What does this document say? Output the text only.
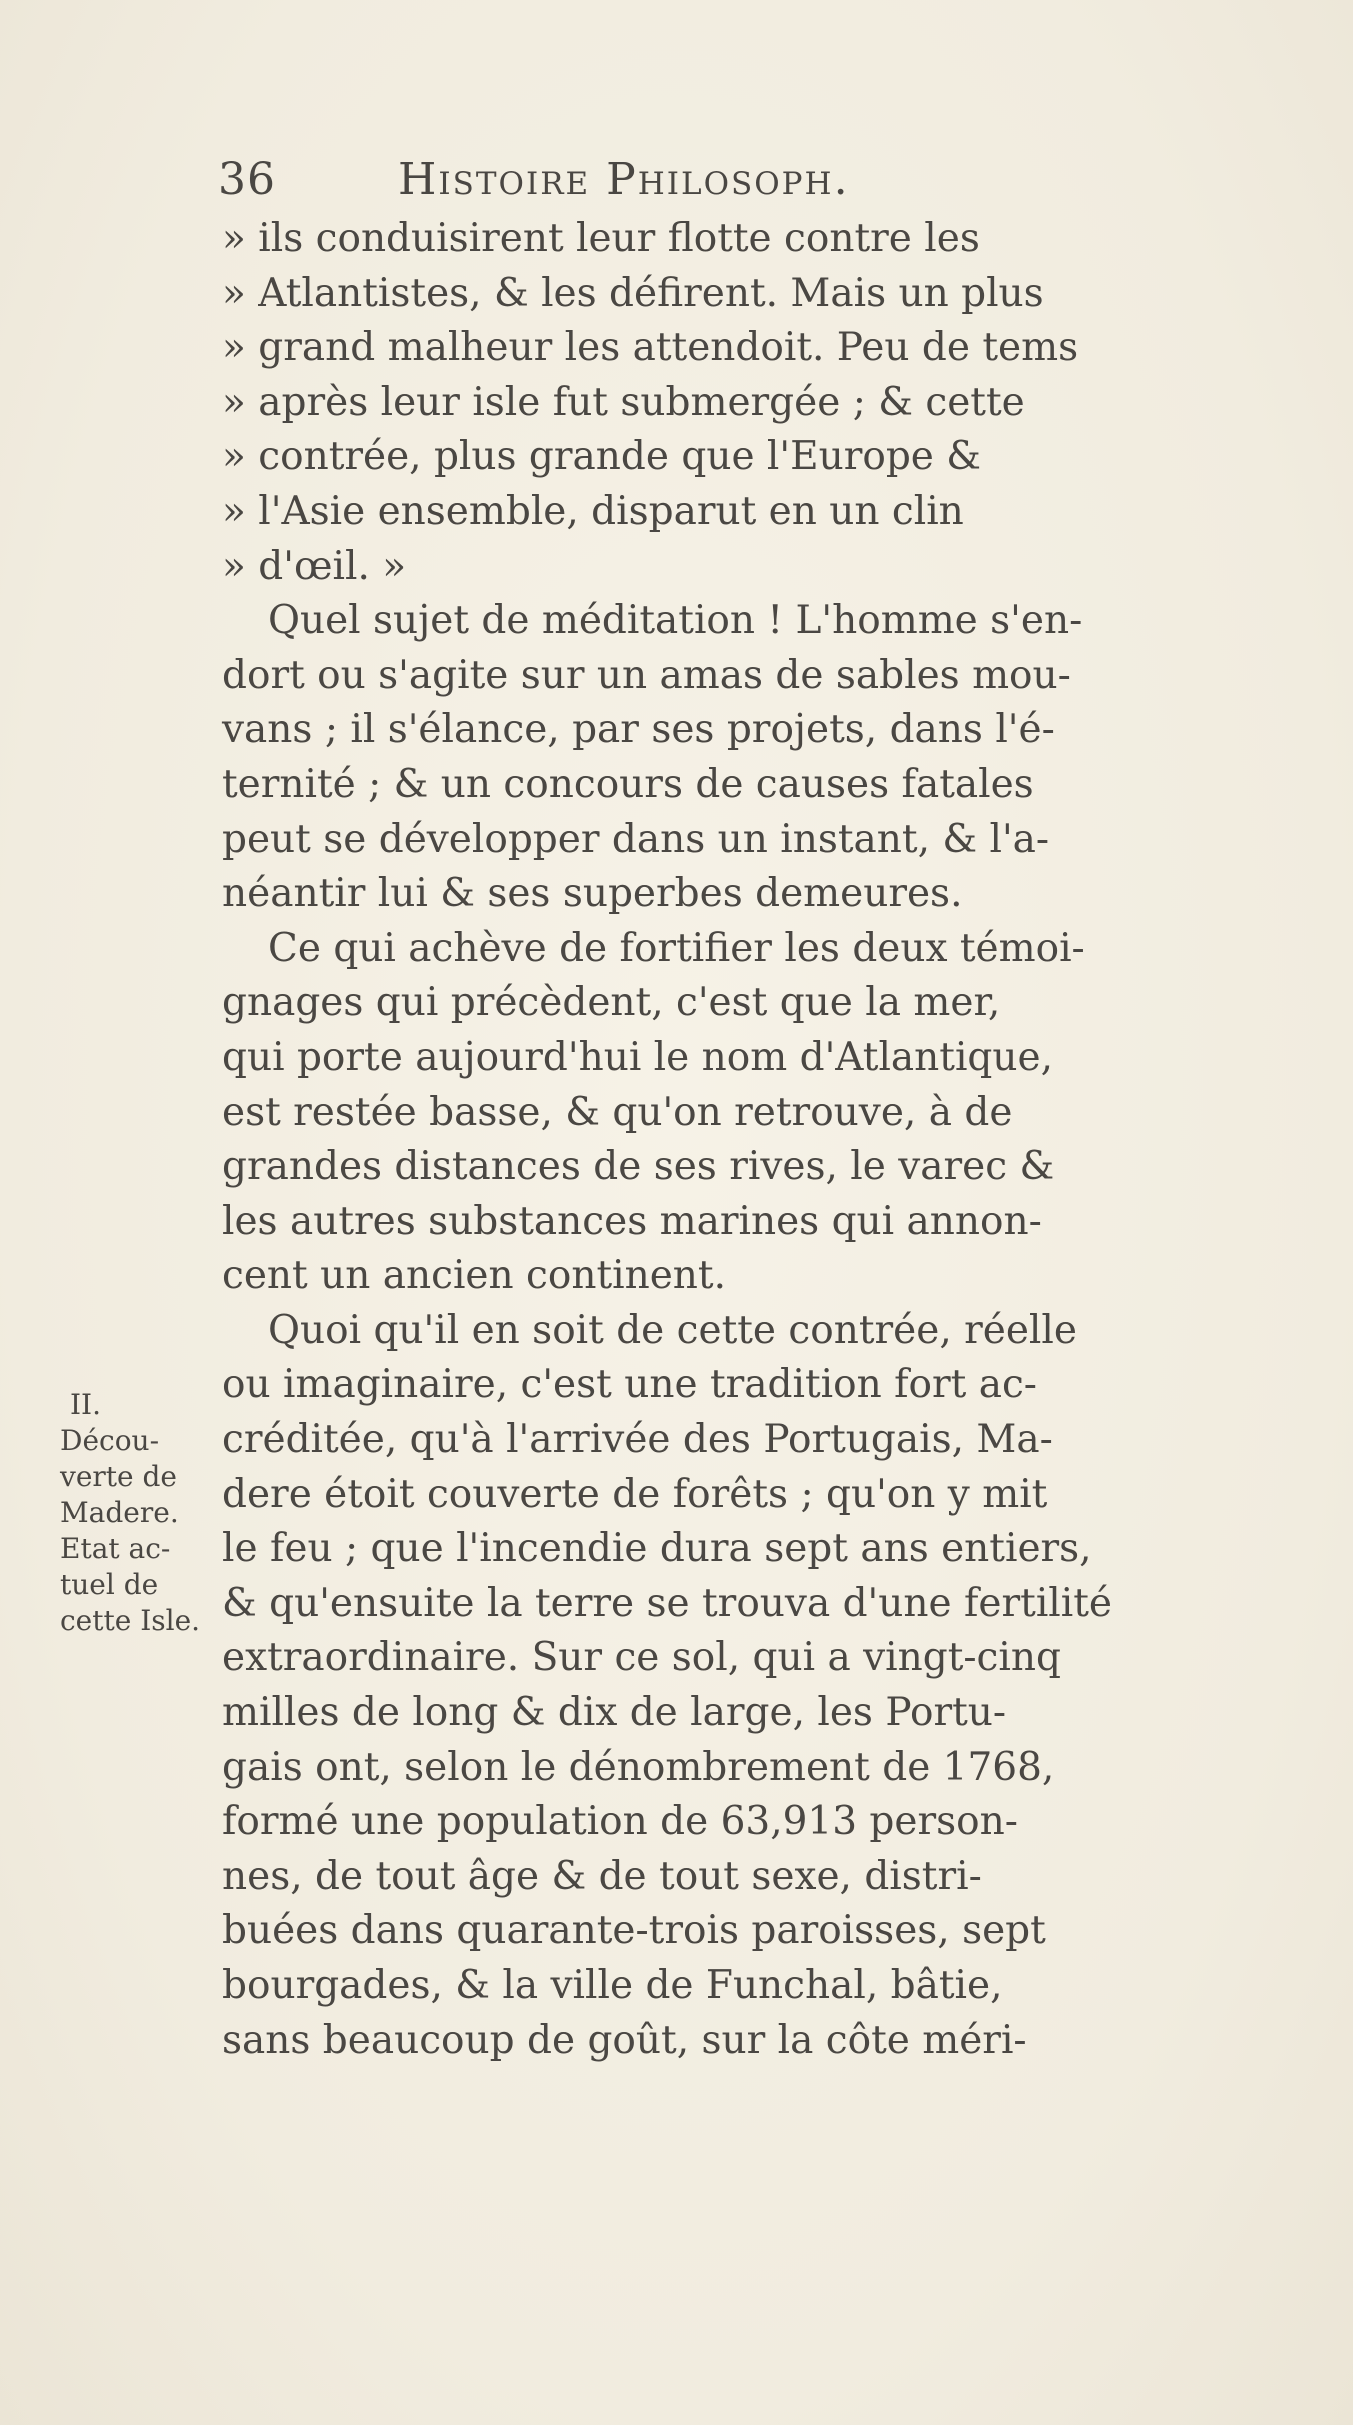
36	Histoire Philosoph.
» ils conduisirent leur flotte contre les
» Atlantistes, & les défirent. Mais un plus
» grand malheur les attendoit. Peu de tems
» après leur isle fut submergée ; & cette
» contrée, plus grande que l'Europe &
» l'Asie ensemble, disparut en un clin
» d'œil. »
Quel sujet de méditation ! L'homme s'en-
dort ou s'agite sur un amas de sables mou-
vans ; il s'élance, par ses projets, dans l'é-
ternité ; & un concours de causes fatales
peut se développer dans un instant, & l'a-
néantir lui & ses superbes demeures.
Ce qui achève de fortifier les deux témoi-
gnages qui précèdent, c'est que la mer,
qui porte aujourd'hui le nom d'Atlantique,
est restée basse, & qu'on retrouve, à de
grandes distances de ses rives, le varec &
les autres substances marines qui annon-
cent un ancien continent.
Quoi qu'il en soit de cette contrée, réelle
ou imaginaire, c'est une tradition fort ac-
créditée, qu'à l'arrivée des Portugais, Ma-
dere étoit couverte de forêts ; qu'on y mit
le feu ; que l'incendie dura sept ans entiers,
& qu'ensuite la terre se trouva d'une fertilité
extraordinaire. Sur ce sol, qui a vingt-cinq
milles de long & dix de large, les Portu-
gais ont, selon le dénombrement de 1768,
formé une population de 63,913 person-
nes, de tout âge & de tout sexe, distri-
buées dans quarante-trois paroisses, sept
bourgades, & la ville de Funchal, bâtie,
sans beaucoup de goût, sur la côte méri-
II.
Décou-
verte de
Madere.
Etat ac-
tuel de
cette Isle.
